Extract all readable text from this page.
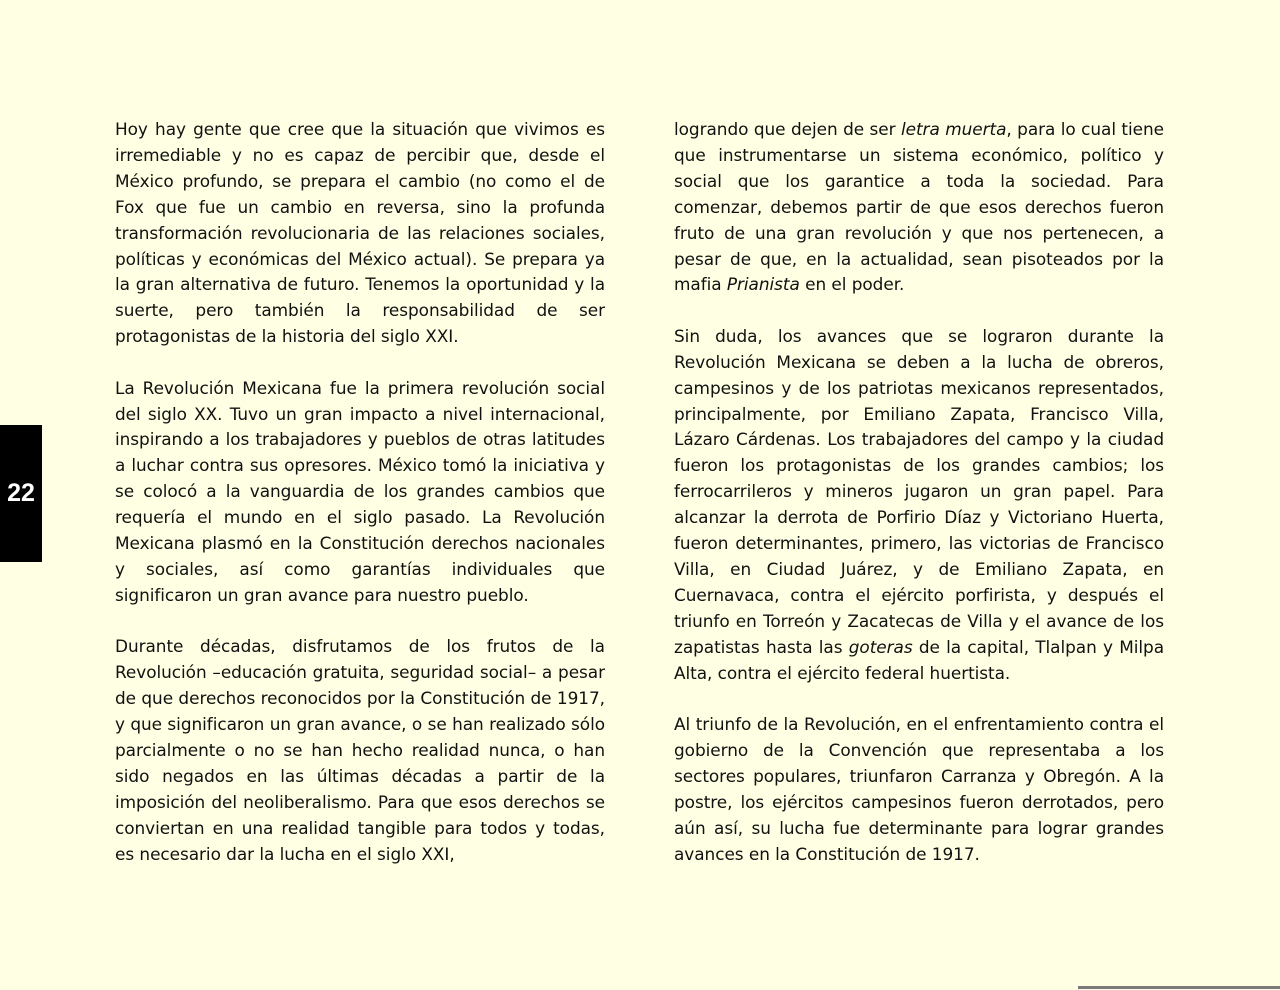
22

Hoy hay gente que cree que la situación que vivimos es irremediable y no es capaz de percibir que, desde el México profundo, se prepara el cambio (no como el de Fox que fue un cambio en reversa, sino la profunda transformación revolucionaria de las relaciones sociales, políticas y económicas del México actual). Se prepara ya la gran alternativa de futuro. Tenemos la oportunidad y la suerte, pero también la responsabilidad de ser protagonistas de la historia del siglo XXI.

La Revolución Mexicana fue la primera revolución social del siglo XX. Tuvo un gran impacto a nivel internacional, inspirando a los trabajadores y pueblos de otras latitudes a luchar contra sus opresores. México tomó la iniciativa y se colocó a la vanguardia de los grandes cambios que requería el mundo en el siglo pasado. La Revolución Mexicana plasmó en la Constitución derechos nacionales y sociales, así como garantías individuales que significaron un gran avance para nuestro pueblo.

Durante décadas, disfrutamos de los frutos de la Revolución –educación gratuita, seguridad social– a pesar de que derechos reconocidos por la Constitución de 1917, y que significaron un gran avance, o se han realizado sólo parcialmente o no se han hecho realidad nunca, o han sido negados en las últimas décadas a partir de la imposición del neoliberalismo. Para que esos derechos se conviertan en una realidad tangible para todos y todas, es necesario dar la lucha en el siglo XXI,

logrando que dejen de ser letra muerta, para lo cual tiene que instrumentarse un sistema económico, político y social que los garantice a toda la sociedad. Para comenzar, debemos partir de que esos derechos fueron fruto de una gran revolución y que nos pertenecen, a pesar de que, en la actualidad, sean pisoteados por la mafia Prianista en el poder.

Sin duda, los avances que se lograron durante la Revolución Mexicana se deben a la lucha de obreros, campesinos y de los patriotas mexicanos representados, principalmente, por Emiliano Zapata, Francisco Villa, Lázaro Cárdenas. Los trabajadores del campo y la ciudad fueron los protagonistas de los grandes cambios; los ferrocarrileros y mineros jugaron un gran papel. Para alcanzar la derrota de Porfirio Díaz y Victoriano Huerta, fueron determinantes, primero, las victorias de Francisco Villa, en Ciudad Juárez, y de Emiliano Zapata, en Cuernavaca, contra el ejército porfirista, y después el triunfo en Torreón y Zacatecas de Villa y el avance de los zapatistas hasta las goteras de la capital, Tlalpan y Milpa Alta, contra el ejército federal huertista.

Al triunfo de la Revolución, en el enfrentamiento contra el gobierno de la Convención que representaba a los sectores populares, triunfaron Carranza y Obregón. A la postre, los ejércitos campesinos fueron derrotados, pero aún así, su lucha fue determinante para lograr grandes avances en la Constitución de 1917.
